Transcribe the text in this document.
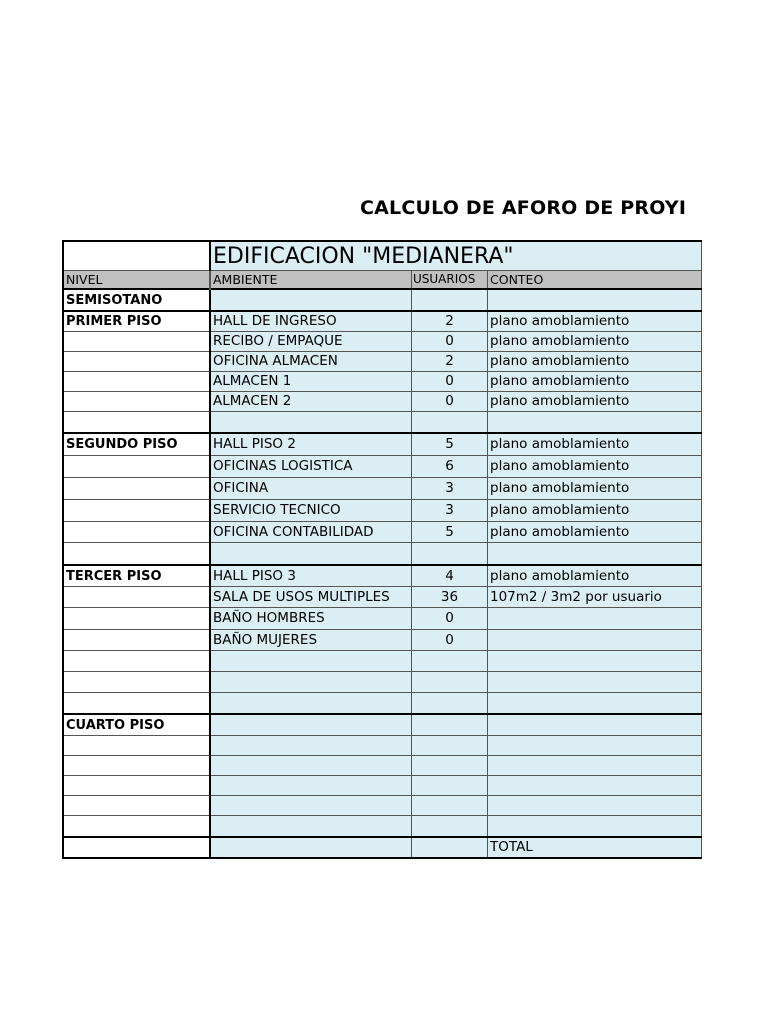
CALCULO DE AFORO DE PROYI
	EDIFICACION "MEDIANERA"		
NIVEL	AMBIENTE	USUARIOS	CONTEO
SEMISOTANO			
PRIMER PISO	HALL DE INGRESO	2	plano amoblamiento
	RECIBO / EMPAQUE	0	plano amoblamiento
	OFICINA ALMACEN	2	plano amoblamiento
	ALMACEN 1	0	plano amoblamiento
	ALMACEN 2	0	plano amoblamiento

SEGUNDO PISO	HALL PISO 2	5	plano amoblamiento
	OFICINAS LOGISTICA	6	plano amoblamiento
	OFICINA	3	plano amoblamiento
	SERVICIO TECNICO	3	plano amoblamiento
	OFICINA CONTABILIDAD	5	plano amoblamiento

TERCER PISO	HALL PISO 3	4	plano amoblamiento
	SALA DE USOS MULTIPLES	36	107m2 / 3m2 por usuario
	BAÑO HOMBRES	0	
	BAÑO MUJERES	0	

CUARTO PISO			

			TOTAL
